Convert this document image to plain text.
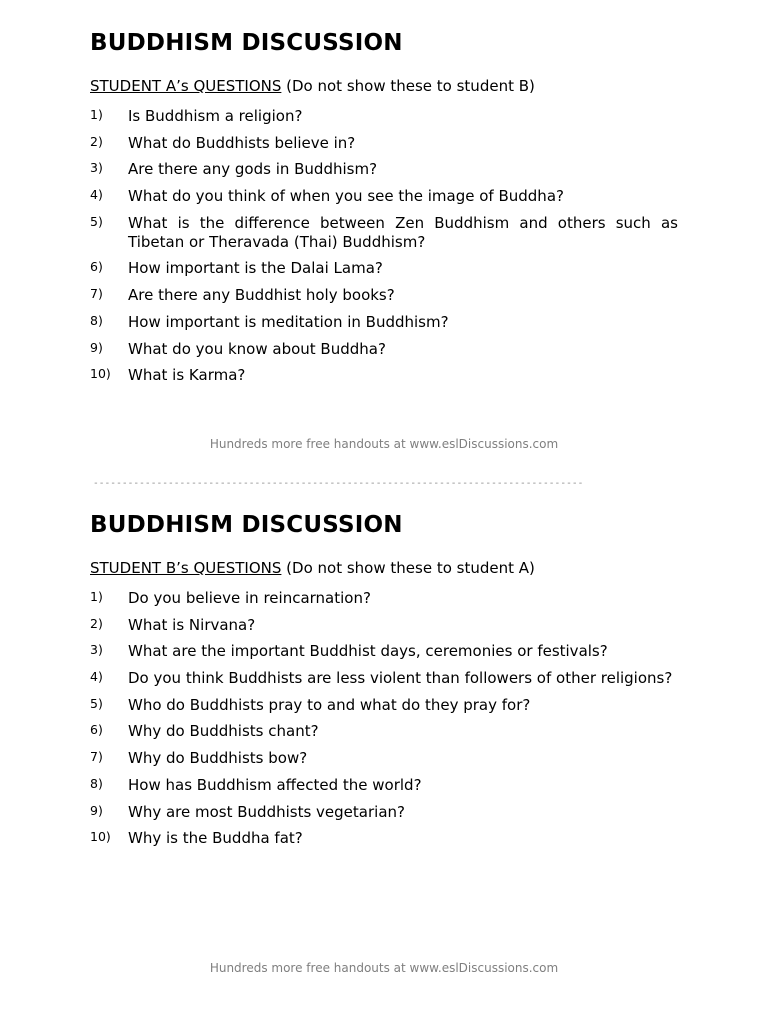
BUDDHISM DISCUSSION
STUDENT A’s QUESTIONS (Do not show these to student B)
1)	Is Buddhism a religion?
2)	What do Buddhists believe in?
3)	Are there any gods in Buddhism?
4)	What do you think of when you see the image of Buddha?
5)	What is the difference between Zen Buddhism and others such as Tibetan or Theravada (Thai) Buddhism?
6)	How important is the Dalai Lama?
7)	Are there any Buddhist holy books?
8)	How important is meditation in Buddhism?
9)	What do you know about Buddha?
10)	What is Karma?
Hundreds more free handouts at www.eslDiscussions.com
-------------------------------------------------------------------------------------
BUDDHISM DISCUSSION
STUDENT B’s QUESTIONS (Do not show these to student A)
1)	Do you believe in reincarnation?
2)	What is Nirvana?
3)	What are the important Buddhist days, ceremonies or festivals?
4)	Do you think Buddhists are less violent than followers of other religions?
5)	Who do Buddhists pray to and what do they pray for?
6)	Why do Buddhists chant?
7)	Why do Buddhists bow?
8)	How has Buddhism affected the world?
9)	Why are most Buddhists vegetarian?
10)	Why is the Buddha fat?
Hundreds more free handouts at www.eslDiscussions.com
